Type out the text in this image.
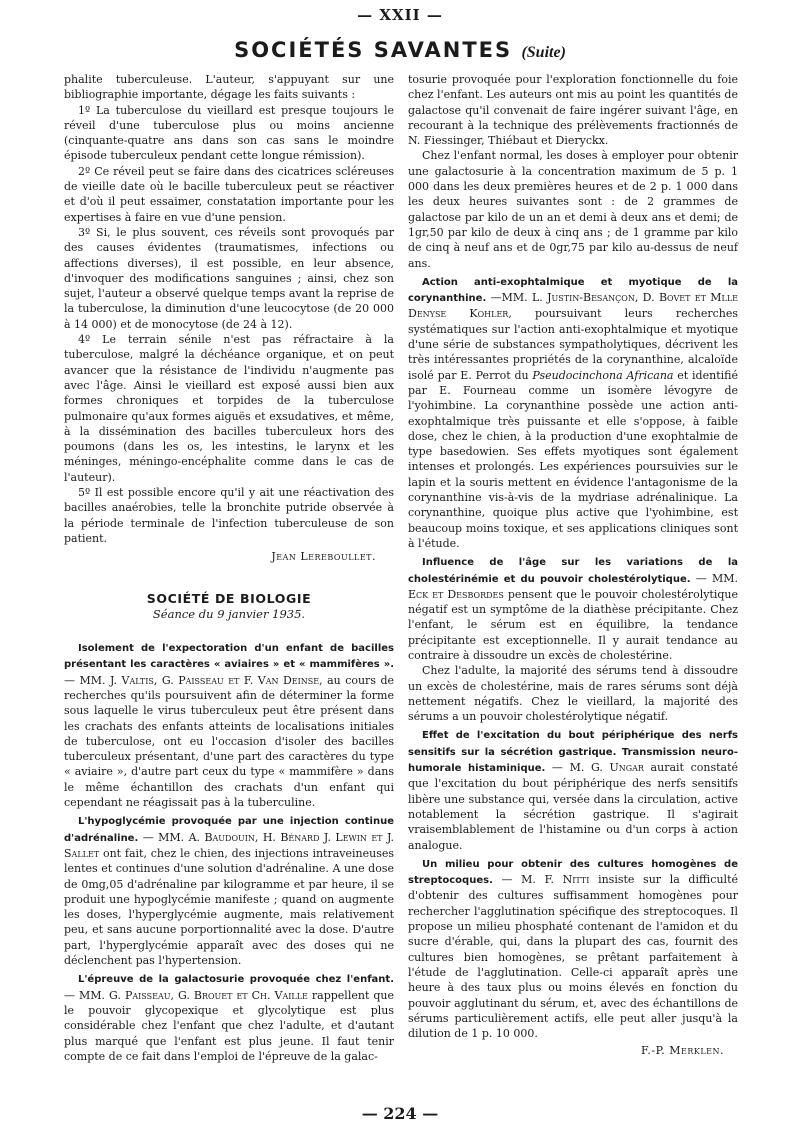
— XXII —
SOCIÉTÉS SAVANTES (Suite)

phalite tuberculeuse. L'auteur, s'appuyant sur une bibliographie importante, dégage les faits suivants :

1º La tuberculose du vieillard est presque toujours le réveil d'une tuberculose plus ou moins ancienne (cinquante-quatre ans dans son cas sans le moindre épisode tuberculeux pendant cette longue rémission).

2º Ce réveil peut se faire dans des cicatrices scléreuses de vieille date où le bacille tuberculeux peut se réactiver et d'où il peut essaimer, constatation importante pour les expertises à faire en vue d'une pension.

3º Si, le plus souvent, ces réveils sont provoqués par des causes évidentes (traumatismes, infections ou affections diverses), il est possible, en leur absence, d'invoquer des modifications sanguines ; ainsi, chez son sujet, l'auteur a observé quelque temps avant la reprise de la tuberculose, la diminution d'une leucocytose (de 20 000 à 14 000) et de monocytose (de 24 à 12).

4º Le terrain sénile n'est pas réfractaire à la tuberculose, malgré la déchéance organique, et on peut avancer que la résistance de l'individu n'augmente pas avec l'âge. Ainsi le vieillard est exposé aussi bien aux formes chroniques et torpides de la tuberculose pulmonaire qu'aux formes aiguës et exsudatives, et même, à la dissémination des bacilles tuberculeux hors des poumons (dans les os, les intestins, le larynx et les méninges, méningo-encéphalite comme dans le cas de l'auteur).

5º Il est possible encore qu'il y ait une réactivation des bacilles anaérobies, telle la bronchite putride observée à la période terminale de l'infection tuberculeuse de son patient.

Jean Lereboullet.
SOCIÉTÉ DE BIOLOGIE
Séance du 9 janvier 1935.

Isolement de l'expectoration d'un enfant de bacilles présentant les caractères « aviaires » et « mammifères ». — MM. J. Valtis, G. Paisseau et F. Van Deinse, au cours de recherches qu'ils poursuivent afin de déterminer la forme sous laquelle le virus tuberculeux peut être présent dans les crachats des enfants atteints de localisations initiales de tuberculose, ont eu l'occasion d'isoler des bacilles tuberculeux présentant, d'une part des caractères du type « aviaire », d'autre part ceux du type « mammifère » dans le même échantillon des crachats d'un enfant qui cependant ne réagissait pas à la tuberculine.

L'hypoglycémie provoquée par une injection continue d'adrénaline. — MM. A. Baudouin, H. Bénard J. Lewin et J. Sallet ont fait, chez le chien, des injections intraveineuses lentes et continues d'une solution d'adrénaline. A une dose de 0mg,05 d'adrénaline par kilogramme et par heure, il se produit une hypoglycémie manifeste ; quand on augmente les doses, l'hyperglycémie augmente, mais relativement peu, et sans aucune porportionnalité avec la dose. D'autre part, l'hyperglycémie apparaît avec des doses qui ne déclenchent pas l'hypertension.

L'épreuve de la galactosurie provoquée chez l'enfant. — MM. G. Paisseau, G. Brouet et Ch. Vaille rappellent que le pouvoir glycopexique et glycolytique est plus considérable chez l'enfant que chez l'adulte, et d'autant plus marqué que l'enfant est plus jeune. Il faut tenir compte de ce fait dans l'emploi de l'épreuve de la galac-

tosurie provoquée pour l'exploration fonctionnelle du foie chez l'enfant. Les auteurs ont mis au point les quantités de galactose qu'il convenait de faire ingérer suivant l'âge, en recourant à la technique des prélèvements fractionnés de N. Fiessinger, Thiébaut et Dieryckx.

Chez l'enfant normal, les doses à employer pour obtenir une galactosurie à la concentration maximum de 5 p. 1 000 dans les deux premières heures et de 2 p. 1 000 dans les deux heures suivantes sont : de 2 grammes de galactose par kilo de un an et demi à deux ans et demi; de 1gr,50 par kilo de deux à cinq ans ; de 1 gramme par kilo de cinq à neuf ans et de 0gr,75 par kilo au-dessus de neuf ans.

Action anti-exophtalmique et myotique de la corynanthine. —MM. L. Justin-Besançon, D. Bovet et Mlle Denyse Kohler, poursuivant leurs recherches systématiques sur l'action anti-exophtalmique et myotique d'une série de substances sympatholytiques, décrivent les très intéressantes propriétés de la corynanthine, alcaloïde isolé par E. Perrot du Pseudocinchona Africana et identifié par E. Fourneau comme un isomère lévogyre de l'yohimbine. La corynanthine possède une action anti-exophtalmique très puissante et elle s'oppose, à faible dose, chez le chien, à la production d'une exophtalmie de type basedowien. Ses effets myotiques sont également intenses et prolongés. Les expériences poursuivies sur le lapin et la souris mettent en évidence l'antagonisme de la corynanthine vis-à-vis de la mydriase adrénalinique. La corynanthine, quoique plus active que l'yohimbine, est beaucoup moins toxique, et ses applications cliniques sont à l'étude.

Influence de l'âge sur les variations de la cholestérinémie et du pouvoir cholestérolytique. — MM. Eck et Desbordes pensent que le pouvoir cholestérolytique négatif est un symptôme de la diathèse précipitante. Chez l'enfant, le sérum est en équilibre, la tendance précipitante est exceptionnelle. Il y aurait tendance au contraire à dissoudre un excès de cholestérine.

Chez l'adulte, la majorité des sérums tend à dissoudre un excès de cholestérine, mais de rares sérums sont déjà nettement négatifs. Chez le vieillard, la majorité des sérums a un pouvoir cholestérolytique négatif.

Effet de l'excitation du bout périphérique des nerfs sensitifs sur la sécrétion gastrique. Transmission neuro-humorale histaminique. — M. G. Ungar aurait constaté que l'excitation du bout périphérique des nerfs sensitifs libère une substance qui, versée dans la circulation, active notablement la sécrétion gastrique. Il s'agirait vraisemblablement de l'histamine ou d'un corps à action analogue.

Un milieu pour obtenir des cultures homogènes de streptocoques. — M. F. Nitti insiste sur la difficulté d'obtenir des cultures suffisamment homogènes pour rechercher l'agglutination spécifique des streptocoques. Il propose un milieu phosphaté contenant de l'amidon et du sucre d'érable, qui, dans la plupart des cas, fournit des cultures bien homogènes, se prêtant parfaitement à l'étude de l'agglutination. Celle-ci apparaît après une heure à des taux plus ou moins élevés en fonction du pouvoir agglutinant du sérum, et, avec des échantillons de sérums particulièrement actifs, elle peut aller jusqu'à la dilution de 1 p. 10 000.

F.-P. Merklen.
— 224 —
